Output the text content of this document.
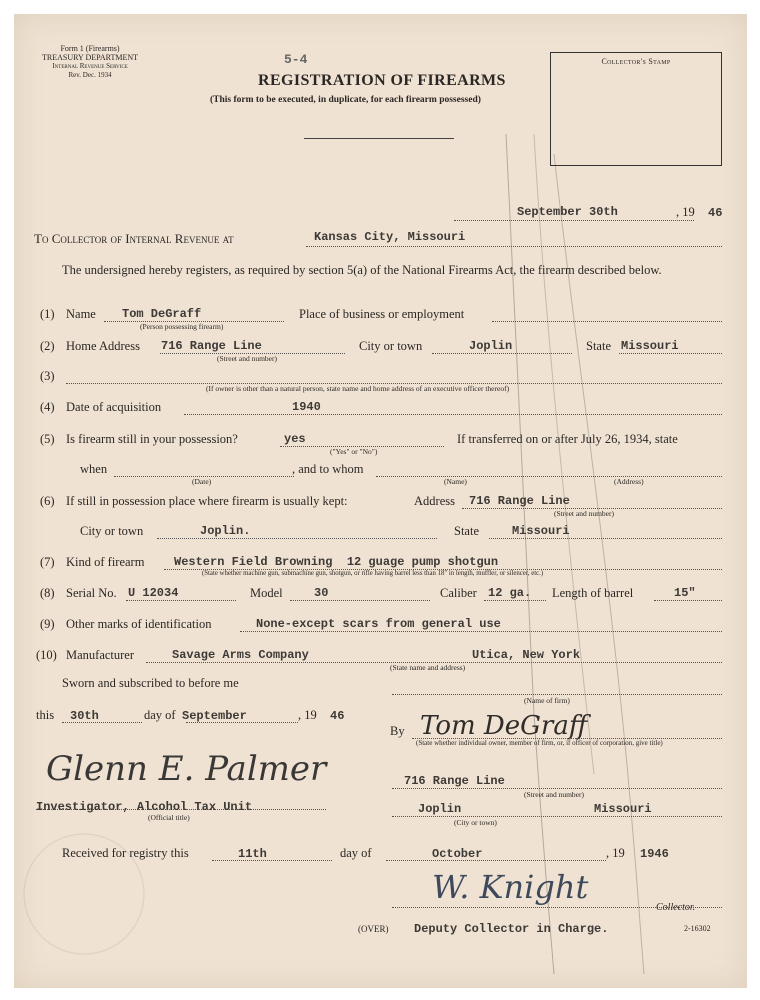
Form 1 (Firearms)
TREASURY DEPARTMENT
Internal Revenue Service
Rev. Dec. 1934
5-4
REGISTRATION OF FIREARMS
(This form to be executed, in duplicate, for each firearm possessed)
Collector's Stamp
September 30th	, 19 46
To Collector of Internal Revenue at	Kansas City, Missouri
The undersigned hereby registers, as required by section 5(a) of the National Firearms Act, the firearm described below.
(1) Name Tom DeGraff
(Person possessing firearm)
Place of business or employment
(2) Home Address 716 Range Line
(Street and number)
City or town	Joplin	State Missouri
(3)
(If owner is other than a natural person, state name and home address of an executive officer thereof)
(4) Date of acquisition	1940
(5) Is firearm still in your possession?	yes
("Yes" or "No")
If transferred on or after July 26, 1934, state
when	, and to whom
(Date)	(Name)	(Address)
(6) If still in possession place where firearm is usually kept:	Address 716 Range Line
(Street and number)
City or town	Joplin.	State	Missouri
(7) Kind of firearm Western Field Browning  12 guage pump shotgun
(State whether machine gun, submachine gun, shotgun, or rifle having barrel less than 18" in length, muffler, or silencer, etc.)
(8) Serial No. U 12034	Model	30	Caliber 12 ga. Length of barrel	15"
(9) Other marks of identification	None-except scars from general use
(10) Manufacturer	Savage Arms Company	Utica, New York
(State name and address)
Sworn and subscribed to before me
this 30th	day of September	, 19 46
Glenn E. Palmer
Investigator, Alcohol Tax Unit
(Official title)
(Name of firm)
By Tom DeGraff
(State whether individual owner, member of firm, or, if officer of corporation, give title)
716 Range Line
(Street and number)
Joplin
(City or town)
Missouri
Received for registry this	11th	day of	October	, 19 1946
W. Knight
Collector.
(OVER) Deputy Collector in Charge.	2-16302
